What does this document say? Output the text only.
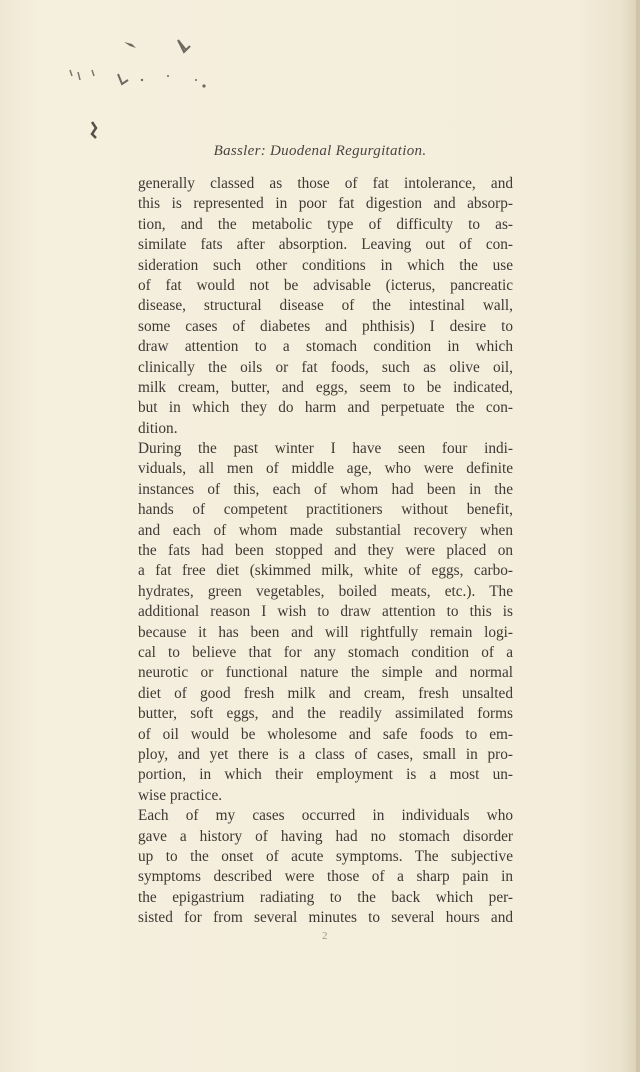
Bassler: Duodenal Regurgitation.
generally classed as those of fat intolerance, and
this is represented in poor fat digestion and absorp-
tion, and the metabolic type of difficulty to as-
similate fats after absorption. Leaving out of con-
sideration such other conditions in which the use
of fat would not be advisable (icterus, pancreatic
disease, structural disease of the intestinal wall,
some cases of diabetes and phthisis) I desire to
draw attention to a stomach condition in which
clinically the oils or fat foods, such as olive oil,
milk cream, butter, and eggs, seem to be indicated,
but in which they do harm and perpetuate the con-
dition.
During the past winter I have seen four indi-
viduals, all men of middle age, who were definite
instances of this, each of whom had been in the
hands of competent practitioners without benefit,
and each of whom made substantial recovery when
the fats had been stopped and they were placed on
a fat free diet (skimmed milk, white of eggs, carbo-
hydrates, green vegetables, boiled meats, etc.). The
additional reason I wish to draw attention to this is
because it has been and will rightfully remain logi-
cal to believe that for any stomach condition of a
neurotic or functional nature the simple and normal
diet of good fresh milk and cream, fresh unsalted
butter, soft eggs, and the readily assimilated forms
of oil would be wholesome and safe foods to em-
ploy, and yet there is a class of cases, small in pro-
portion, in which their employment is a most un-
wise practice.
Each of my cases occurred in individuals who
gave a history of having had no stomach disorder
up to the onset of acute symptoms. The subjective
symptoms described were those of a sharp pain in
the epigastrium radiating to the back which per-
sisted for from several minutes to several hours and
2
